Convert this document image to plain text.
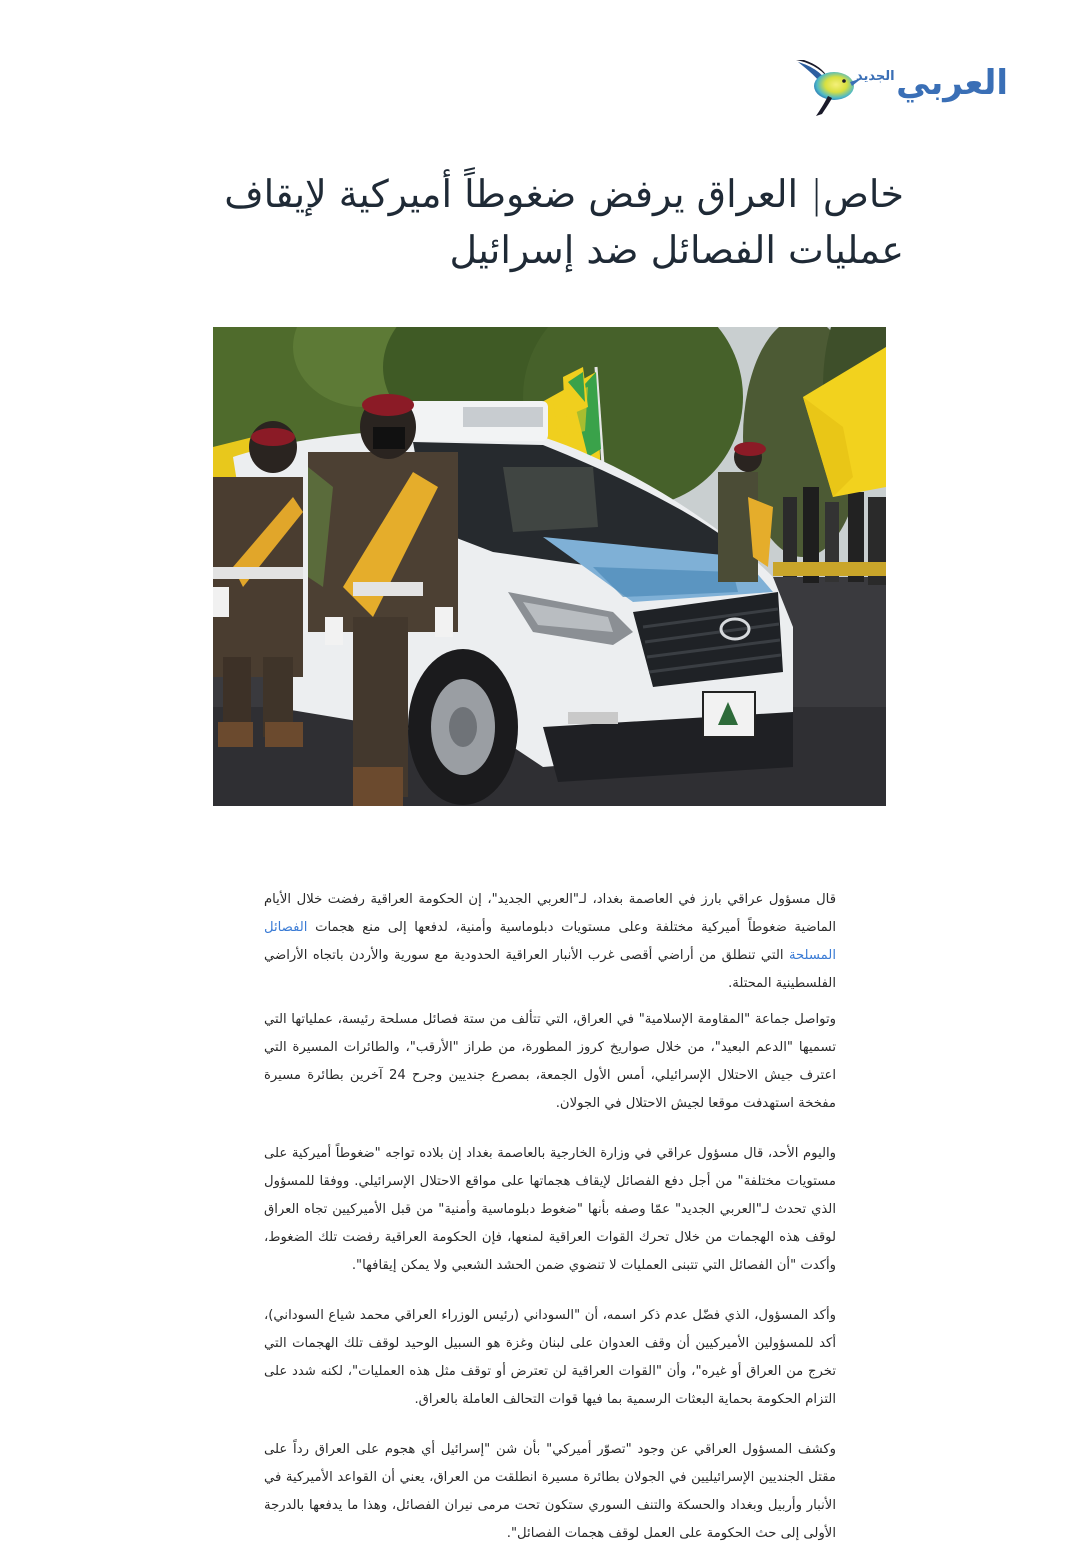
الجديد العربي
خاص| العراق يرفض ضغوطاً أميركية لإيقاف عمليات الفصائل ضد إسرائيل

قال مسؤول عراقي بارز في العاصمة بغداد، لـ"العربي الجديد"، إن الحكومة العراقية رفضت خلال الأيام الماضية ضغوطاً أميركية مختلفة وعلى مستويات دبلوماسية وأمنية، لدفعها إلى منع هجمات الفصائل المسلحة التي تنطلق من أراضي أقصى غرب الأنبار العراقية الحدودية مع سورية والأردن باتجاه الأراضي الفلسطينية المحتلة.

وتواصل جماعة "المقاومة الإسلامية" في العراق، التي تتألف من ستة فصائل مسلحة رئيسة، عملياتها التي تسميها "الدعم البعيد"، من خلال صواريخ كروز المطورة، من طراز "الأرقب"، والطائرات المسيرة التي اعترف جيش الاحتلال الإسرائيلي، أمس الأول الجمعة، بمصرع جنديين وجرح 24 آخرين بطائرة مسيرة مفخخة استهدفت موقعا لجيش الاحتلال في الجولان.

واليوم الأحد، قال مسؤول عراقي في وزارة الخارجية بالعاصمة بغداد إن بلاده تواجه "ضغوطاً أميركية على مستويات مختلفة" من أجل دفع الفصائل لإيقاف هجماتها على مواقع الاحتلال الإسرائيلي. ووفقا للمسؤول الذي تحدث لـ"العربي الجديد" عمّا وصفه بأنها "ضغوط دبلوماسية وأمنية" من قبل الأميركيين تجاه العراق لوقف هذه الهجمات من خلال تحرك القوات العراقية لمنعها، فإن الحكومة العراقية رفضت تلك الضغوط، وأكدت "أن الفصائل التي تتبنى العمليات لا تنضوي ضمن الحشد الشعبي ولا يمكن إيقافها".

وأكد المسؤول، الذي فضّل عدم ذكر اسمه، أن "السوداني (رئيس الوزراء العراقي محمد شياع السوداني)، أكد للمسؤولين الأميركيين أن وقف العدوان على لبنان وغزة هو السبيل الوحيد لوقف تلك الهجمات التي تخرج من العراق أو غيره"، وأن "القوات العراقية لن تعترض أو توقف مثل هذه العمليات"، لكنه شدد على التزام الحكومة بحماية البعثات الرسمية بما فيها قوات التحالف العاملة بالعراق.

وكشف المسؤول العراقي عن وجود "تصوّر أميركي" بأن شن "إسرائيل أي هجوم على العراق رداً على مقتل الجنديين الإسرائيليين في الجولان بطائرة مسيرة انطلقت من العراق، يعني أن القواعد الأميركية في الأنبار وأربيل وبغداد والحسكة والتنف السوري ستكون تحت مرمى نيران الفصائل، وهذا ما يدفعها بالدرجة الأولى إلى حث الحكومة على العمل لوقف هجمات الفصائل".
